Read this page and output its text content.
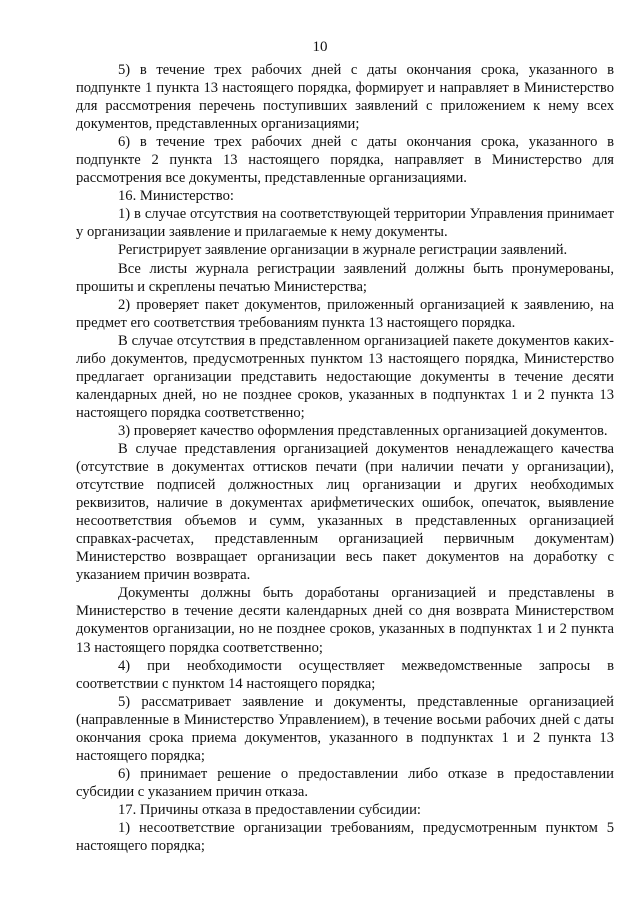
10

5) в течение трех рабочих дней с даты окончания срока, указанного в подпункте 1 пункта 13 настоящего порядка, формирует и направляет в Министерство для рассмотрения перечень поступивших заявлений с приложением к нему всех документов, представленных организациями;

6) в течение трех рабочих дней с даты окончания срока, указанного в подпункте 2 пункта 13 настоящего порядка, направляет в Министерство для рассмотрения все документы, представленные организациями.

16. Министерство:

1) в случае отсутствия на соответствующей территории Управления принимает у организации заявление и прилагаемые к нему документы.

Регистрирует заявление организации в журнале регистрации заявлений.

Все листы журнала регистрации заявлений должны быть пронумерованы, прошиты и скреплены печатью Министерства;

2) проверяет пакет документов, приложенный организацией к заявлению, на предмет его соответствия требованиям пункта 13 настоящего порядка.

В случае отсутствия в представленном организацией пакете документов каких-либо документов, предусмотренных пунктом 13 настоящего порядка, Министерство предлагает организации представить недостающие документы в течение десяти календарных дней, но не позднее сроков, указанных в подпунктах 1 и 2 пункта 13 настоящего порядка соответственно;

3) проверяет качество оформления представленных организацией документов.

В случае представления организацией документов ненадлежащего качества (отсутствие в документах оттисков печати (при наличии печати у организации), отсутствие подписей должностных лиц организации и других необходимых реквизитов, наличие в документах арифметических ошибок, опечаток, выявление несоответствия объемов и сумм, указанных в представленных организацией справках-расчетах, представленным организацией первичным документам) Министерство возвращает организации весь пакет документов на доработку с указанием причин возврата.

Документы должны быть доработаны организацией и представлены в Министерство в течение десяти календарных дней со дня возврата Министерством документов организации, но не позднее сроков, указанных в подпунктах 1 и 2 пункта 13 настоящего порядка соответственно;

4) при необходимости осуществляет межведомственные запросы в соответствии с пунктом 14 настоящего порядка;

5) рассматривает заявление и документы, представленные организацией (направленные в Министерство Управлением), в течение восьми рабочих дней с даты окончания срока приема документов, указанного в подпунктах 1 и 2 пункта 13 настоящего порядка;

6) принимает решение о предоставлении либо отказе в предоставлении субсидии с указанием причин отказа.

17. Причины отказа в предоставлении субсидии:

1) несоответствие организации требованиям, предусмотренным пунктом 5 настоящего порядка;
